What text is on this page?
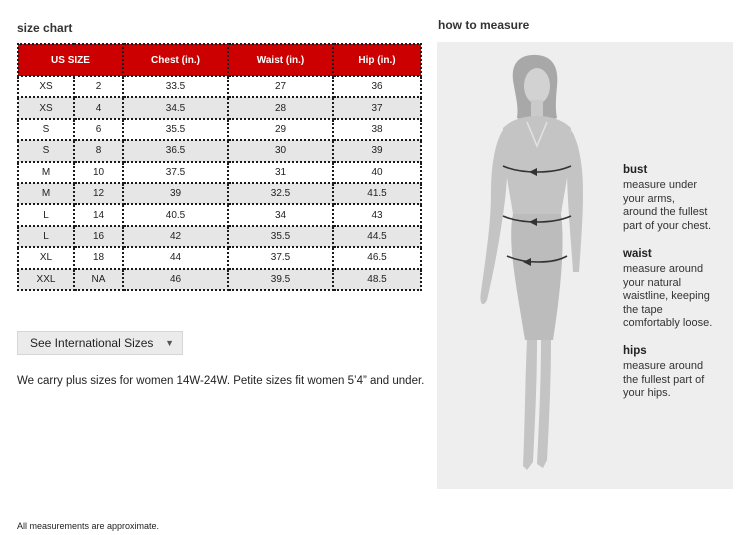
size chart
US SIZE		Chest (in.)	Waist (in.)	Hip (in.)
XS	2	33.5	27	36
XS	4	34.5	28	37
S	6	35.5	29	38
S	8	36.5	30	39
M	10	37.5	31	40
M	12	39	32.5	41.5
L	14	40.5	34	43
L	16	42	35.5	44.5
XL	18	44	37.5	46.5
XXL	NA	46	39.5	48.5
See International Sizes ▼
We carry plus sizes for women 14W-24W. Petite sizes fit women 5’4” and under.
All measurements are approximate.
how to measure
bust
measure under
your arms,
around the fullest
part of your chest.
waist
measure around
your natural
waistline, keeping
the tape
comfortably loose.
hips
measure around
the fullest part of
your hips.
